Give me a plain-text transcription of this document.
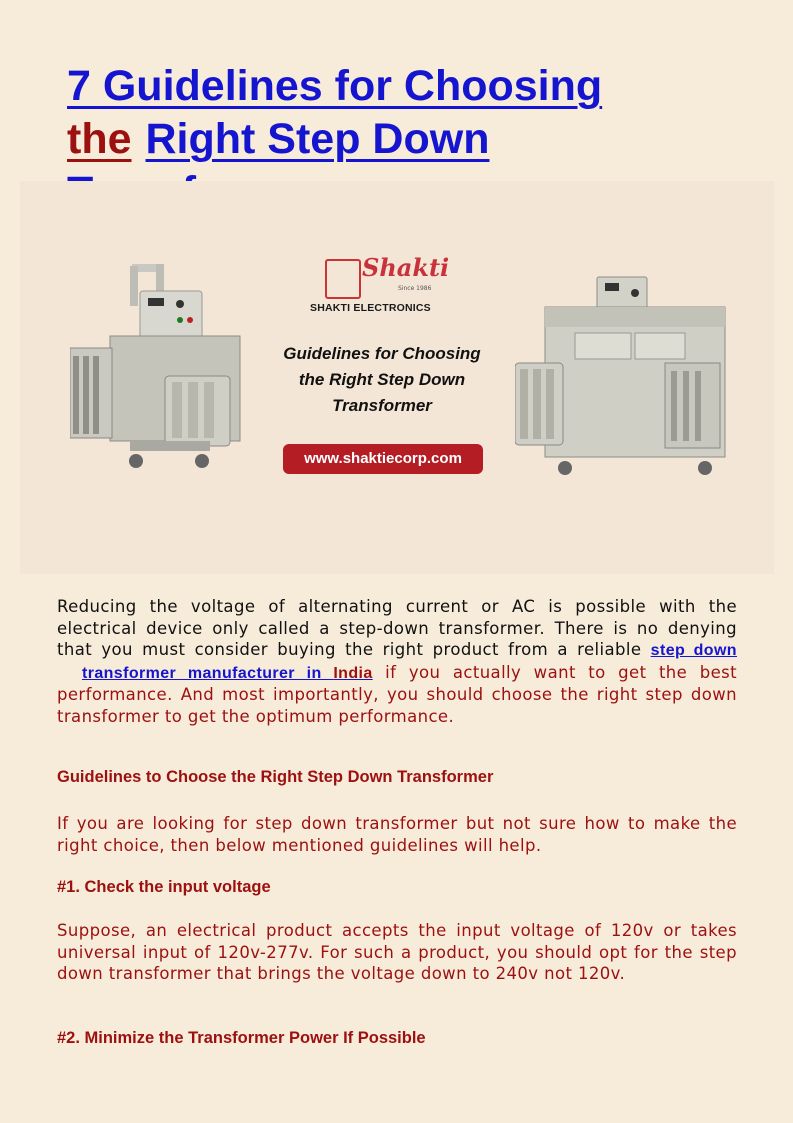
7 Guidelines for Choosing
the Right Step Down

Shakti
Since 1986
SHAKTI ELECTRONICS
Guidelines for Choosing
the Right Step Down
Transformer
www.shaktiecorp.com

Reducing the voltage of alternating current or AC is possible with the electrical device only called a step-down transformer. There is no denying that you must consider buying the right product from a reliable step down   transformer manufacturer in India if you actually want to get the best performance. And most importantly, you should choose the right step down transformer to get the optimum performance.

Guidelines to Choose the Right Step Down Transformer

If you are looking for step down transformer but not sure how to make the right choice, then below mentioned guidelines will help.

#1. Check the input voltage

Suppose, an electrical product accepts the input voltage of 120v or takes universal input of 120v-277v. For such a product, you should opt for the step down transformer that brings the voltage down to 240v not 120v.

#2. Minimize the Transformer Power If Possible
